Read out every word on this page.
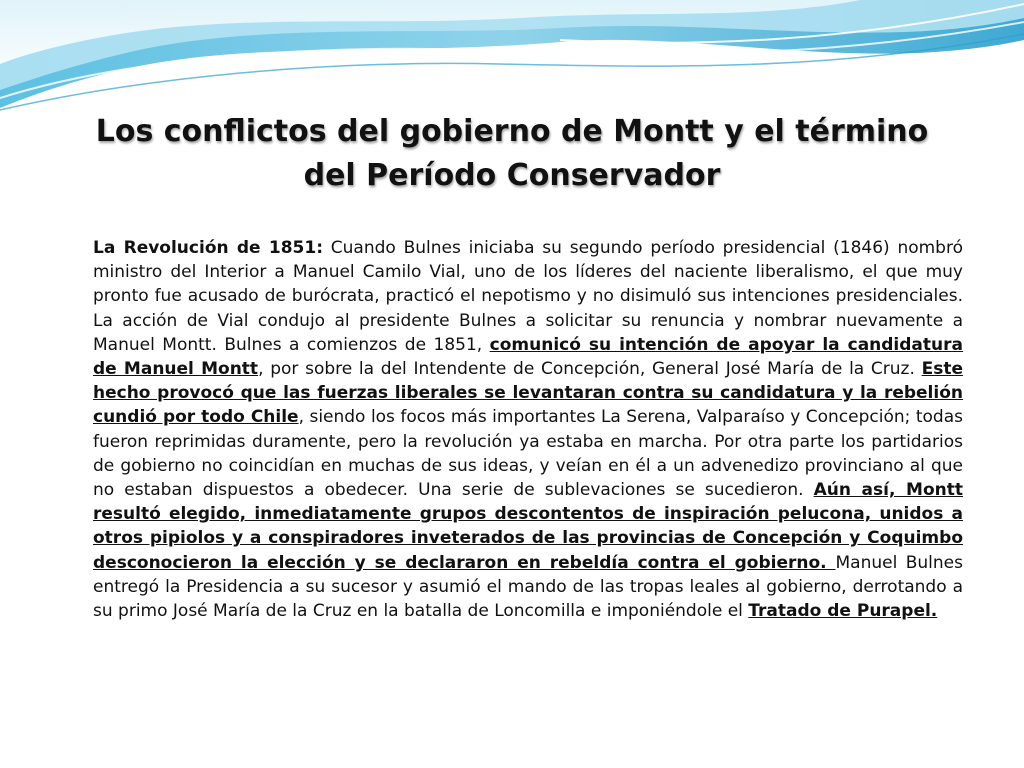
Los conflictos del gobierno de Montt y el término
del Período Conservador

La Revolución de 1851: Cuando Bulnes iniciaba su segundo período presidencial (1846) nombró ministro del Interior a Manuel Camilo Vial, uno de los líderes del naciente liberalismo, el que muy pronto fue acusado de burócrata, practicó el nepotismo y no disimuló sus intenciones presidenciales. La acción de Vial condujo al presidente Bulnes a solicitar su renuncia y nombrar nuevamente a Manuel Montt. Bulnes a comienzos de 1851, comunicó su intención de apoyar la candidatura de Manuel Montt, por sobre la del Intendente de Concepción, General José María de la Cruz. Este hecho provocó que las fuerzas liberales se levantaran contra su candidatura y la rebelión cundió por todo Chile, siendo los focos más importantes La Serena, Valparaíso y Concepción; todas fueron reprimidas duramente, pero la revolución ya estaba en marcha. Por otra parte los partidarios de gobierno no coincidían en muchas de sus ideas, y veían en él a un advenedizo provinciano al que no estaban dispuestos a obedecer. Una serie de sublevaciones se sucedieron. Aún así, Montt resultó elegido, inmediatamente grupos descontentos de inspiración pelucona, unidos a otros pipiolos y a conspiradores inveterados de las provincias de Concepción y Coquimbo desconocieron la elección y se declararon en rebeldía contra el gobierno. Manuel Bulnes entregó la Presidencia a su sucesor y asumió el mando de las tropas leales al gobierno, derrotando a su primo José María de la Cruz en la batalla de Loncomilla e imponiéndole el Tratado de Purapel.
